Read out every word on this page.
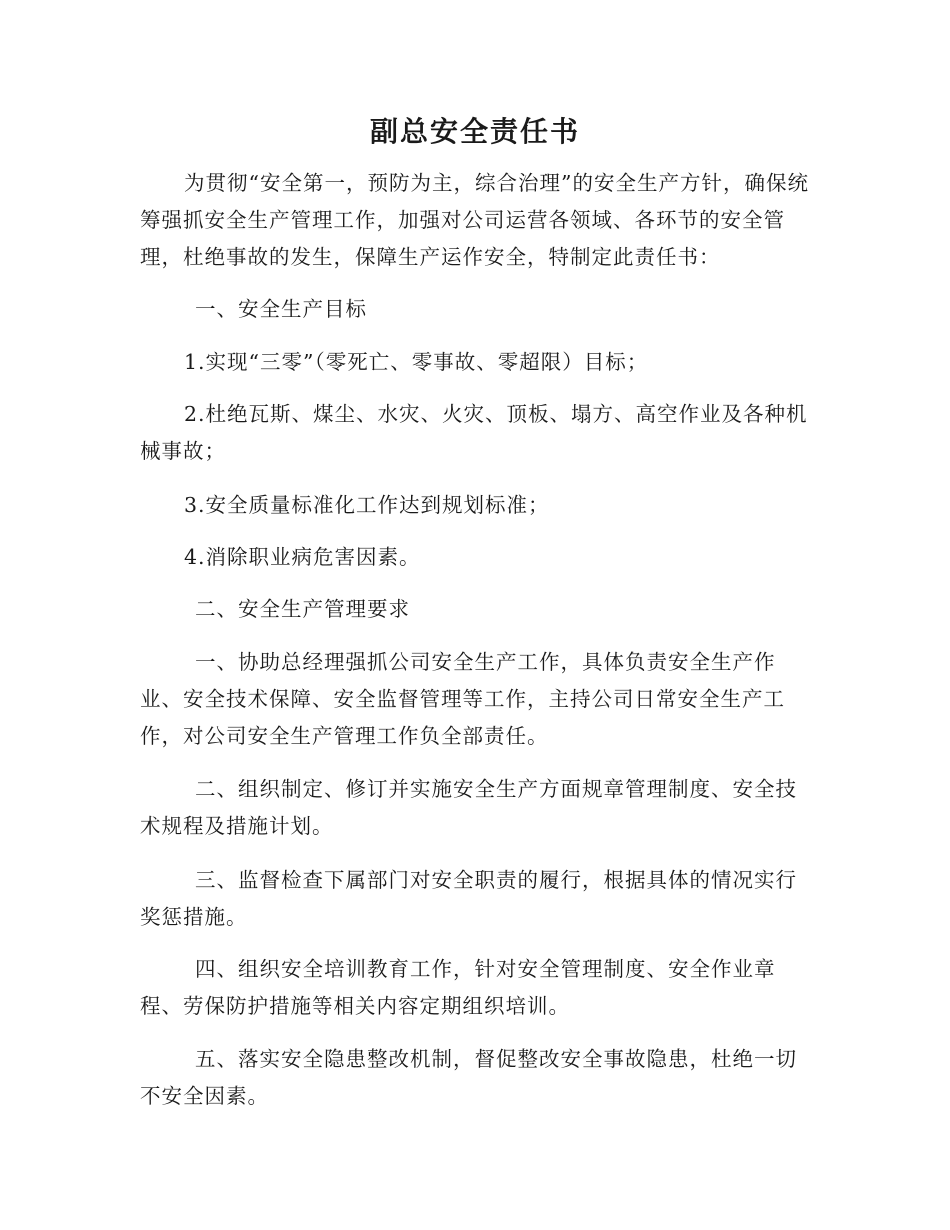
副总安全责任书

为贯彻“安全第一，预防为主，综合治理”的安全生产方针，确保统筹强抓安全生产管理工作，加强对公司运营各领域、各环节的安全管理，杜绝事故的发生，保障生产运作安全，特制定此责任书：

一、安全生产目标

1.实现“三零”（零死亡、零事故、零超限）目标；

2.杜绝瓦斯、煤尘、水灾、火灾、顶板、塌方、高空作业及各种机械事故；

3.安全质量标准化工作达到规划标准；

4.消除职业病危害因素。

二、安全生产管理要求

一、协助总经理强抓公司安全生产工作，具体负责安全生产作业、安全技术保障、安全监督管理等工作，主持公司日常安全生产工作，对公司安全生产管理工作负全部责任。

二、组织制定、修订并实施安全生产方面规章管理制度、安全技术规程及措施计划。

三、监督检查下属部门对安全职责的履行，根据具体的情况实行奖惩措施。

四、组织安全培训教育工作，针对安全管理制度、安全作业章程、劳保防护措施等相关内容定期组织培训。

五、落实安全隐患整改机制，督促整改安全事故隐患，杜绝一切不安全因素。
